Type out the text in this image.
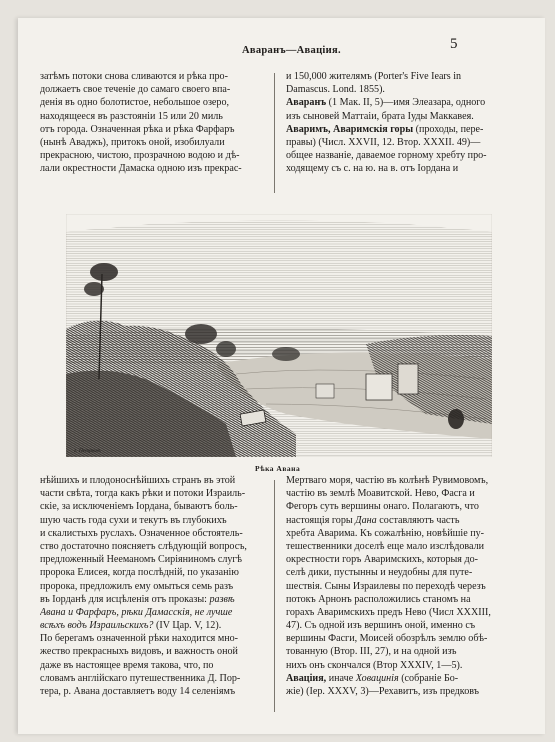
Аваранъ—Авацiия.	5
затѣмъ потоки снова сливаются и рѣка про-
должаетъ свое теченiе до самаго своего впа-
денiя въ одно болотистое, небольшое озеро,
находящееся въ разстоянiи 15 или 20 миль
отъ города. Означенная рѣка и рѣка Фарфаръ
(нынѣ Аваджъ), притокъ оной, изобилуали
прекрасною, чистою, прозрачною водою и дѣ-
лали окрестности Дамаска одною изъ прекрас-
и 150,000 жителямъ (Porter's Five Iears in
Damascus. Lond. 1855).
Аваранъ (1 Мак. II, 5)—имя Элеазара, одного
изъ сыновей Маттаiи, брата Iуды Маккавея.
Аваримъ, Аваримскiя горы (проходы, пере-
правы) (Числ. XXVII, 12. Втор. XXXII. 49)—
общее названiе, даваемое горному хребту про-
ходящему съ с. на ю. на в. отъ Iордана и
г. Петрѣвъ
Рѣка Авана
нѣйшихъ и плодоноснѣйшихъ странъ въ этой
части свѣта, тогда какъ рѣки и потоки Израиль-
скiе, за исключенiемъ Iордана, бываютъ боль-
шую часть года сухи и текутъ въ глубокихъ
и скалистыхъ руслахъ. Означенное обстоятель-
ство достаточно поясняетъ слѣдующiй вопросъ,
предложенный Нееманомъ Сирiяниномъ слугѣ
пророка Елисея, когда послѣднiй, по указанiю
пророка, предложилъ ему омыться семь разъ
въ Iорданѣ для исцѣленiя отъ проказы: развѣ
Авана и Фарфаръ, рѣки Дамасскiя, не лучше
всѣхъ водъ Израильскихъ? (IV Цар. V, 12).
По берегамъ означенной рѣки находится мно-
жество прекрасныхъ видовъ, и важность оной
даже въ настоящее время такова, что, по
словамъ англiйскаго путешественника Д. Пор-
тера, р. Авана доставляетъ воду 14 селенiямъ
Мертваго моря, частiю въ колѣнѣ Рувимовомъ,
частiю въ землѣ Моавитской. Нево, Фасга и
Фегоръ суть вершины онаго. Полагаютъ, что
настоящiя горы Дана составляютъ часть
хребта Аварима. Къ сожалѣнiю, новѣйшiе пу-
тешественники доселѣ еще мало изслѣдовали
окрестности горъ Аваримскихъ, которыя до-
селѣ дики, пустынны и неудобны для путе-
шествiя. Сыны Израилевы по переходѣ черезъ
потокъ Арнонъ расположились станомъ на
горахъ Аваримскихъ предъ Нево (Числ XXXIII,
47). Съ одной изъ вершинъ оной, именно съ
вершины Фасги, Моисей обозрѣлъ землю обѣ-
тованную (Втор. III, 27), и на одной изъ
нихъ онъ скончался (Втор XXXIV, 1—5).
Авацiия, иначе Ховацинiя (собранiе Бо-
жiе) (Iер. XXXV, 3)—Рехавитъ, изъ предковъ
